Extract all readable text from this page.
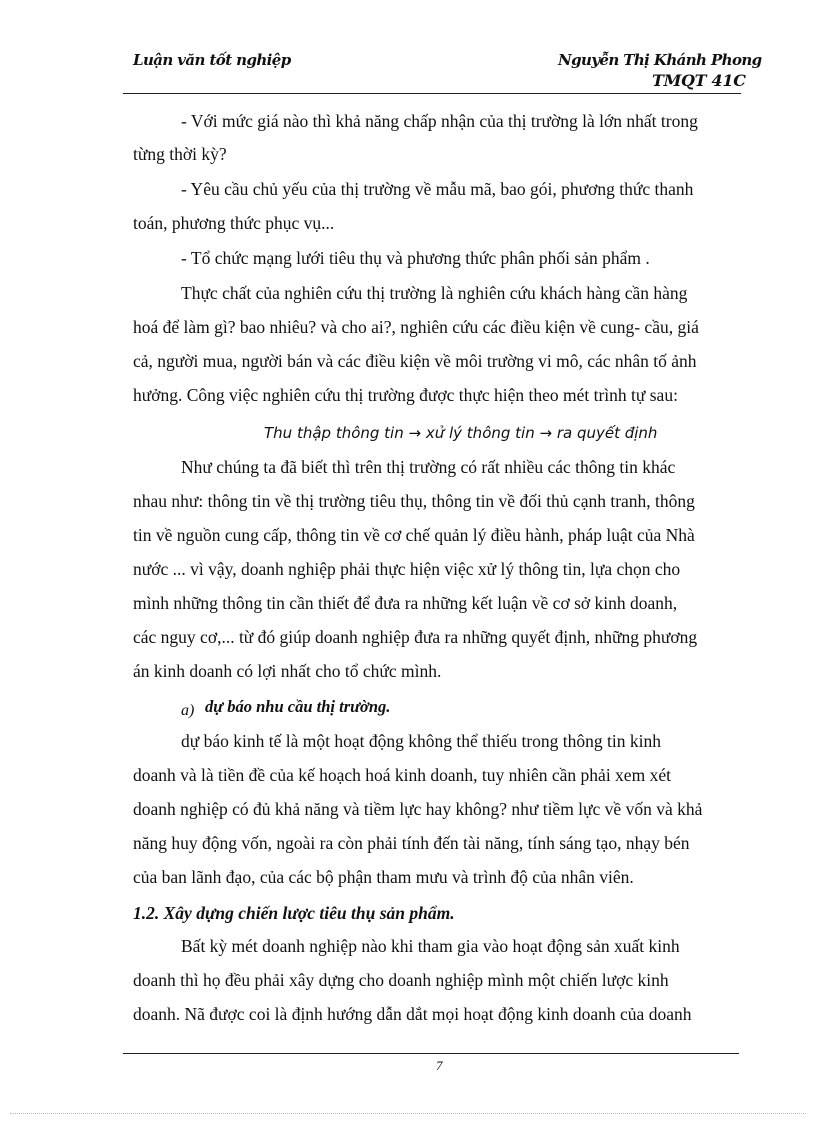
Luận văn tốt nghiệp	Nguyễn Thị Khánh Phong
TMQT 41C
- Với mức giá nào thì khả năng chấp nhận của thị trường là lớn nhất trong
từng thời kỳ?
- Yêu cầu chủ yếu của thị trường về mẫu mã, bao gói, phương thức thanh
toán, phương thức phục vụ...
- Tổ chức mạng lưới tiêu thụ và phương thức phân phối sản phẩm .
Thực chất của nghiên cứu thị trường là nghiên cứu khách hàng cần hàng
hoá để làm gì? bao nhiêu? và cho ai?, nghiên cứu các điều kiện về cung- cầu, giá
cả, người mua, người bán và các điều kiện về môi trường vi mô, các nhân tố ảnh
hưởng. Công việc nghiên cứu thị trường được thực hiện theo mét trình tự sau:
Thu thập thông tin → xử lý thông tin → ra quyết định
Như chúng ta đã biết thì trên thị trường có rất nhiều các thông tin khác
nhau như: thông tin về thị trường tiêu thụ, thông tin về đối thủ cạnh tranh, thông
tin về nguồn cung cấp, thông tin về cơ chế quản lý điều hành, pháp luật của Nhà
nước ... vì vậy, doanh nghiệp phải thực hiện việc xử lý thông tin, lựa chọn cho
mình những thông tin cần thiết để đưa ra những kết luận về cơ sở kinh doanh,
các nguy cơ,... từ đó giúp doanh nghiệp đưa ra những quyết định, những phương
án kinh doanh có lợi nhất cho tổ chức mình.
a) dự báo nhu cầu thị trường.
dự báo kinh tế là một hoạt động không thể thiếu trong thông tin kinh
doanh và là tiền đề của kế hoạch hoá kinh doanh, tuy nhiên cần phải xem xét
doanh nghiệp có đủ khả năng và tiềm lực hay không? như tiềm lực về vốn và khả
năng huy động vốn, ngoài ra còn phải tính đến tài năng, tính sáng tạo, nhạy bén
của ban lãnh đạo, của các bộ phận tham mưu và trình độ của nhân viên.
1.2. Xây dựng chiến lược tiêu thụ sản phẩm.
Bất kỳ mét doanh nghiệp nào khi tham gia vào hoạt động sản xuất kinh
doanh thì họ đều phải xây dựng cho doanh nghiệp mình một chiến lược kinh
doanh. Nã được coi là định hướng dẫn dắt mọi hoạt động kinh doanh của doanh
7
